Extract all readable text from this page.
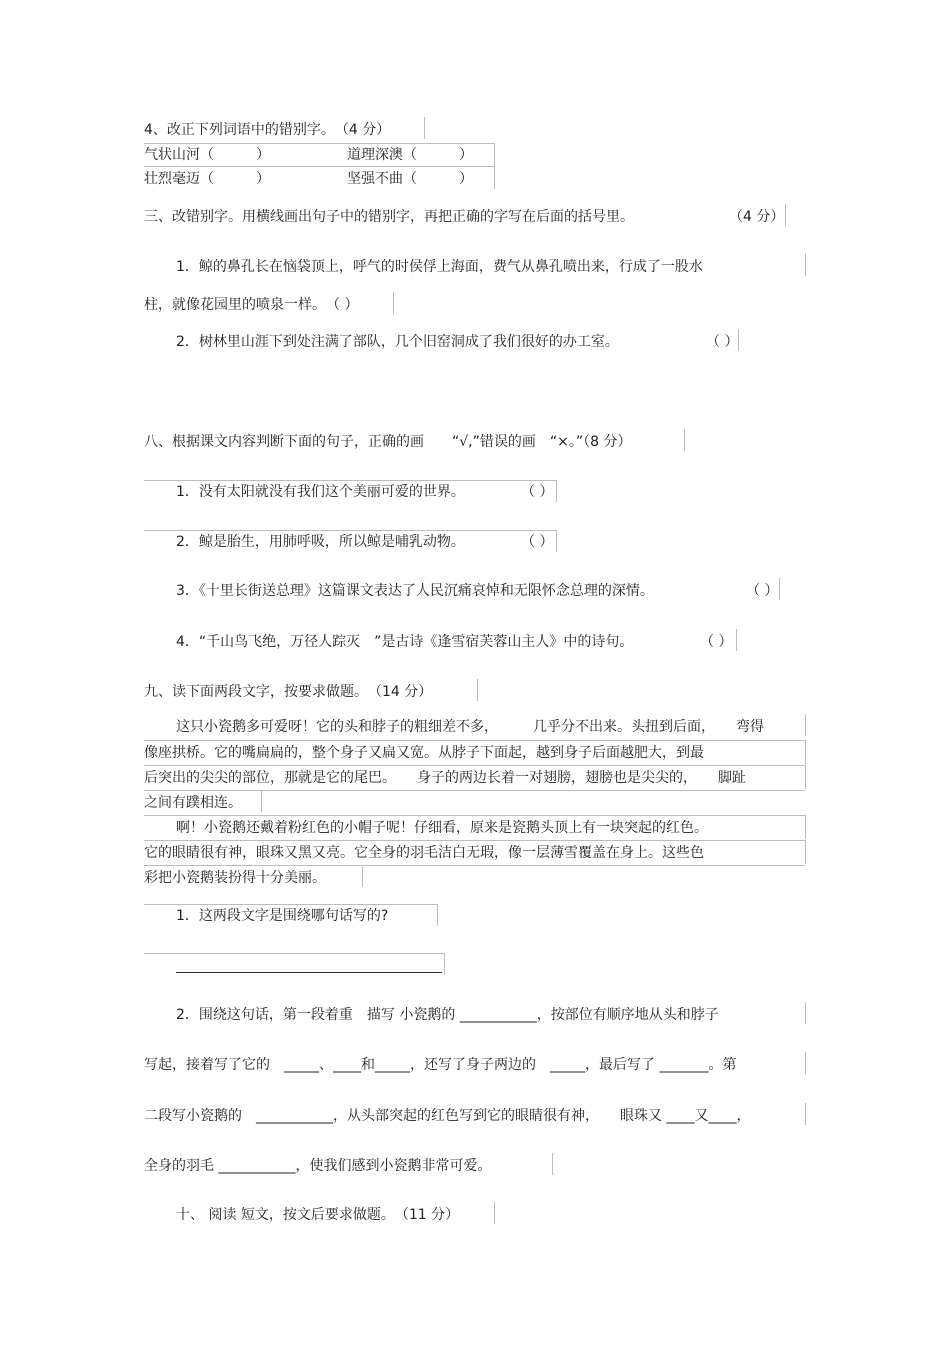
4、改正下列词语中的错别字。　（4 分）
气状山河（　　　）	道理深澳（　　　）
壮烈毫迈（　　　）	坚强不曲（　　　）
三、改错别字。用横线画出句子中的错别字，再把正确的字写在后面的括号里。	（4 分）
1．鲸的鼻孔长在恼袋顶上，呼气的时侯俘上海面，费气从鼻孔喷出来，行成了一股水
柱，就像花园里的喷泉一样。　（ ）
2．树林里山涯下到处注满了部队，几个旧窑洞成了我们很好的办工室。	（ ）
八、根据课文内容判断下面的句子，正确的画　　“√,”错误的画　“×。”（8 分）
1．没有太阳就没有我们这个美丽可爱的世界。	（ ）
2．鲸是胎生，用肺呼吸，所以鲸是哺乳动物。	（ ）
3．《十里长街送总理》这篇课文表达了人民沉痛哀悼和无限怀念总理的深情。	（ ）
4．“千山鸟飞绝，万径人踪灭　”是古诗《逢雪宿芙蓉山主人》中的诗句。	（ ）
九、读下面两段文字，按要求做题。　（14 分）
这只小瓷鹅多可爱呀！它的头和脖子的粗细差不多，　　　几乎分不出来。头扭到后面，　　弯得
像座拱桥。它的嘴扁扁的，整个身子又扁又宽。从脖子下面起，越到身子后面越肥大，到最
后突出的尖尖的部位，那就是它的尾巴。　　身子的两边长着一对翅膀，翅膀也是尖尖的，　　脚趾
之间有蹼相连。
啊！小瓷鹅还戴着粉红色的小帽子呢！仔细看，原来是瓷鹅头顶上有一块突起的红色。
它的眼睛很有神，眼珠又黑又亮。它全身的羽毛洁白无瑕，像一层薄雪覆盖在身上。这些色
彩把小瓷鹅装扮得十分美丽。
1．这两段文字是围绕哪句话写的?
2．围绕这句话，第一段着重　描写 小瓷鹅的 ___________，按部位有顺序地从头和脖子
写起，接着写了它的　_____、____和_____，还写了身子两边的　_____，最后写了 _______。第
二段写小瓷鹅的　___________，从头部突起的红色写到它的眼睛很有神，　　眼珠又 ____又____，
全身的羽毛 ___________，使我们感到小瓷鹅非常可爱。
十、 阅读 短文，按文后要求做题。　（11 分）
